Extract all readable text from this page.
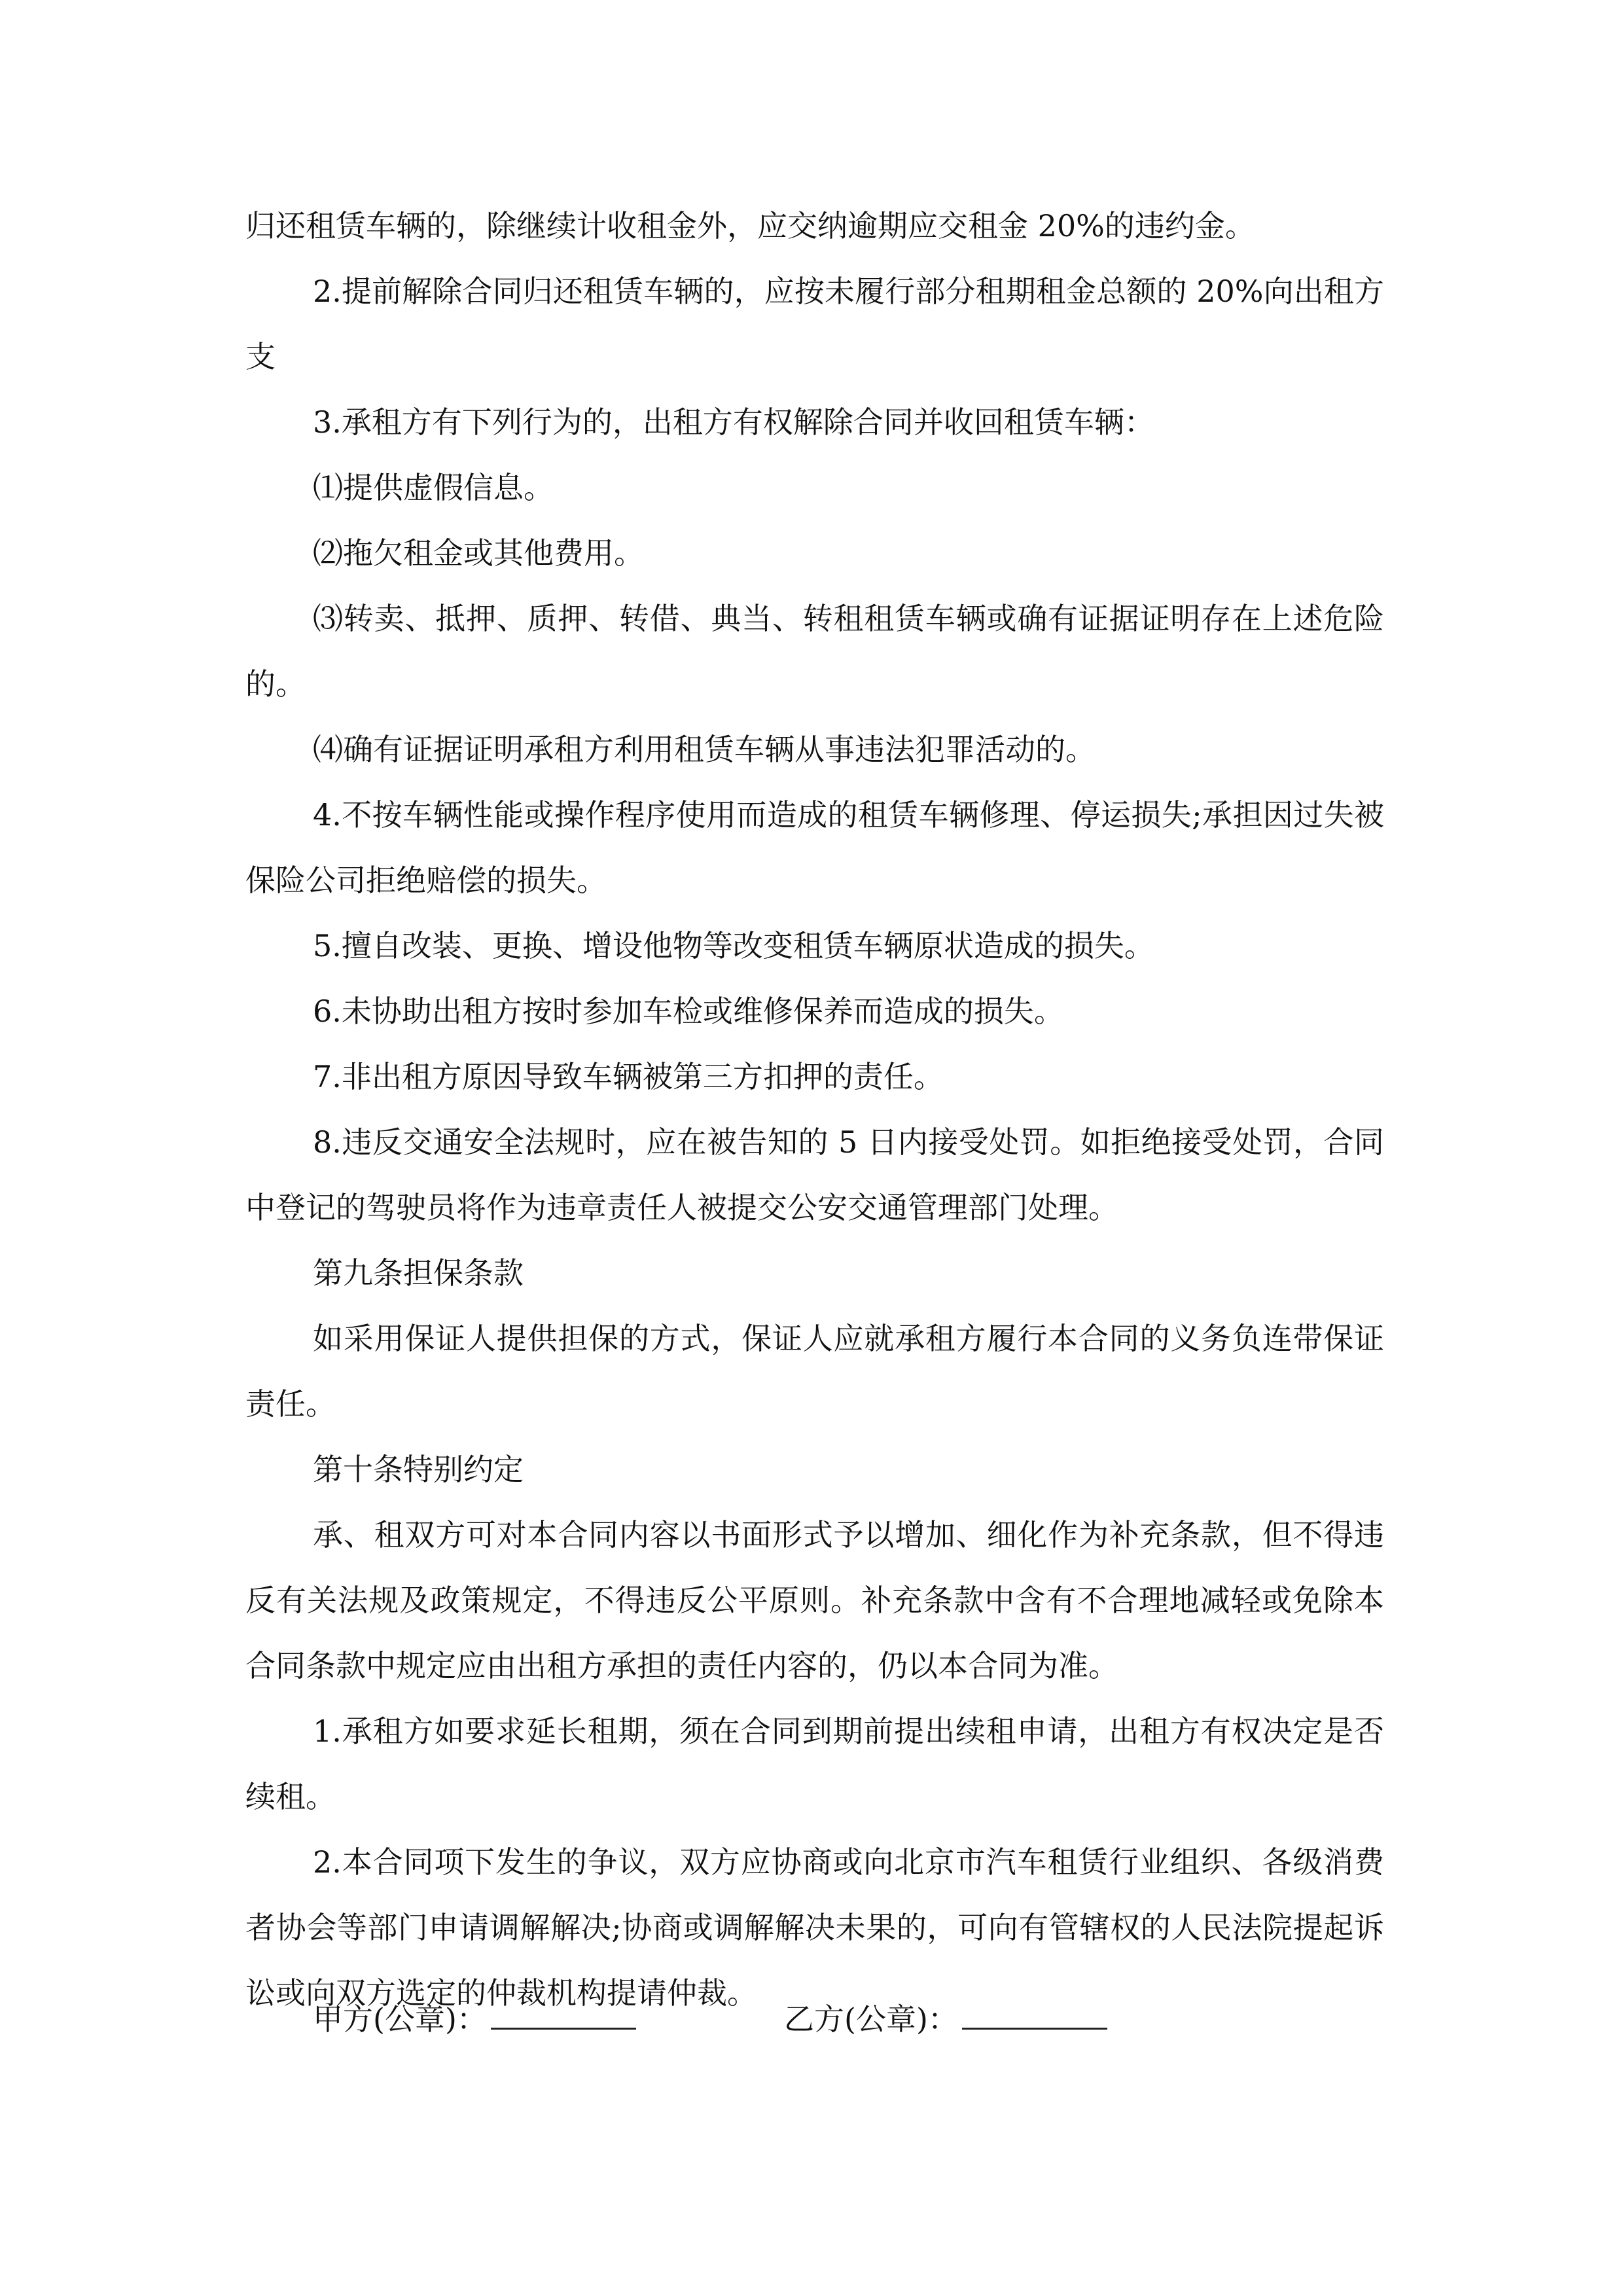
归还租赁车辆的，除继续计收租金外，应交纳逾期应交租金 20%的违约金。

2.提前解除合同归还租赁车辆的，应按未履行部分租期租金总额的 20%向出租方支

3.承租方有下列行为的，出租方有权解除合同并收回租赁车辆：

⑴提供虚假信息。

⑵拖欠租金或其他费用。

⑶转卖、抵押、质押、转借、典当、转租租赁车辆或确有证据证明存在上述危险的。

⑷确有证据证明承租方利用租赁车辆从事违法犯罪活动的。

4.不按车辆性能或操作程序使用而造成的租赁车辆修理、停运损失;承担因过失被保险公司拒绝赔偿的损失。

5.擅自改装、更换、增设他物等改变租赁车辆原状造成的损失。

6.未协助出租方按时参加车检或维修保养而造成的损失。

7.非出租方原因导致车辆被第三方扣押的责任。

8.违反交通安全法规时，应在被告知的 5 日内接受处罚。如拒绝接受处罚，合同中登记的驾驶员将作为违章责任人被提交公安交通管理部门处理。

第九条担保条款

如采用保证人提供担保的方式，保证人应就承租方履行本合同的义务负连带保证责任。

第十条特别约定

承、租双方可对本合同内容以书面形式予以增加、细化作为补充条款，但不得违反有关法规及政策规定，不得违反公平原则。补充条款中含有不合理地减轻或免除本合同条款中规定应由出租方承担的责任内容的，仍以本合同为准。

1.承租方如要求延长租期，须在合同到期前提出续租申请，出租方有权决定是否续租。

2.本合同项下发生的争议，双方应协商或向北京市汽车租赁行业组织、各级消费者协会等部门申请调解解决;协商或调解解决未果的，可向有管辖权的人民法院提起诉讼或向双方选定的仲裁机构提请仲裁。

甲方(公章)：	乙方(公章)：
